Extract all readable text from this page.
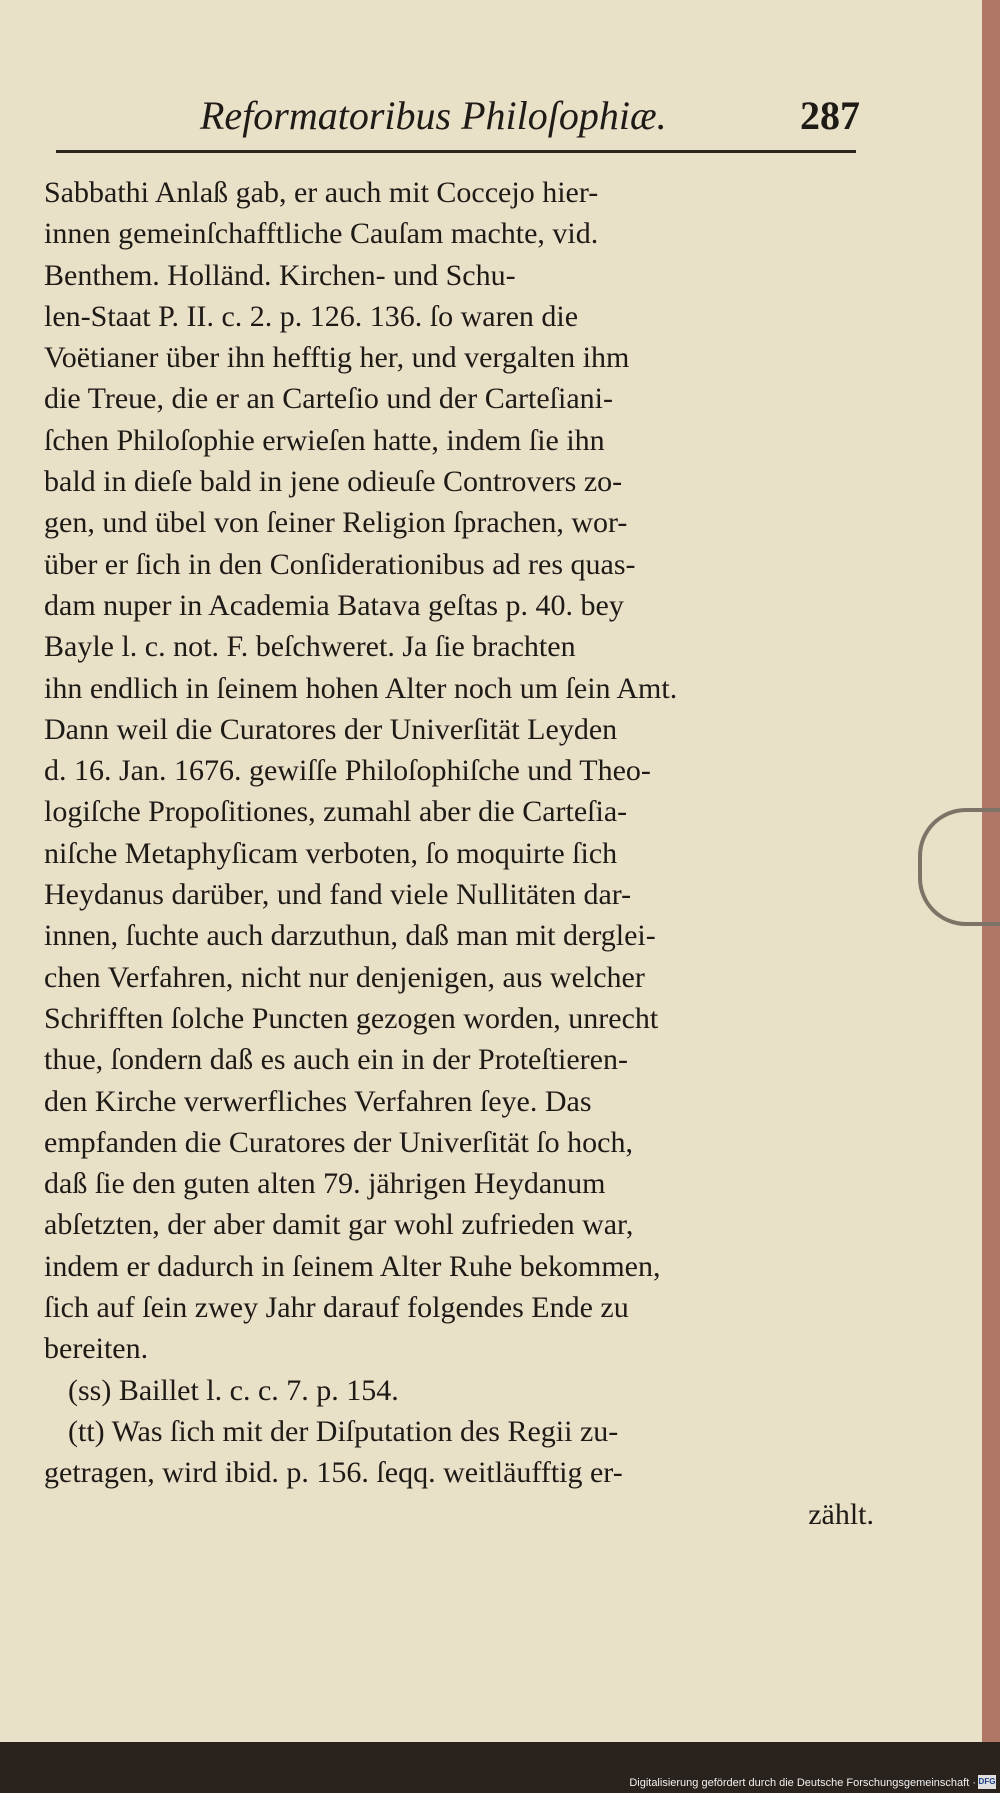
Reformatoribus Philoſophiæ.	287
Sabbathi Anlaß gab, er auch mit Coccejo hier-
innen gemeinſchafftliche Cauſam machte, vid.
Benthem. Holländ. Kirchen- und Schu-
len-Staat P. II. c. 2. p. 126. 136. ſo waren die
Voëtianer über ihn hefftig her, und vergalten ihm
die Treue, die er an Carteſio und der Carteſiani-
ſchen Philoſophie erwieſen hatte, indem ſie ihn
bald in dieſe bald in jene odieuſe Controvers zo-
gen, und übel von ſeiner Religion ſprachen, wor-
über er ſich in den Conſiderationibus ad res quas-
dam nuper in Academia Batava geſtas p. 40. bey
Bayle l. c. not. F. beſchweret. Ja ſie brachten
ihn endlich in ſeinem hohen Alter noch um ſein Amt.
Dann weil die Curatores der Univerſität Leyden
d. 16. Jan. 1676. gewiſſe Philoſophiſche und Theo-
logiſche Propoſitiones, zumahl aber die Carteſia-
niſche Metaphyſicam verboten, ſo moquirte ſich
Heydanus darüber, und fand viele Nullitäten dar-
innen, ſuchte auch darzuthun, daß man mit derglei-
chen Verfahren, nicht nur denjenigen, aus welcher
Schrifften ſolche Puncten gezogen worden, unrecht
thue, ſondern daß es auch ein in der Proteſtieren-
den Kirche verwerfliches Verfahren ſeye. Das
empfanden die Curatores der Univerſität ſo hoch,
daß ſie den guten alten 79. jährigen Heydanum
abſetzten, der aber damit gar wohl zufrieden war,
indem er dadurch in ſeinem Alter Ruhe bekommen,
ſich auf ſein zwey Jahr darauf folgendes Ende zu
bereiten.
(ss) Baillet l. c. c. 7. p. 154.
(tt) Was ſich mit der Diſputation des Regii zu-
getragen, wird ibid. p. 156. ſeqq. weitläufftig er-
zählt.
Digitalisierung gefördert durch die Deutsche Forschungsgemeinschaft · DFG
